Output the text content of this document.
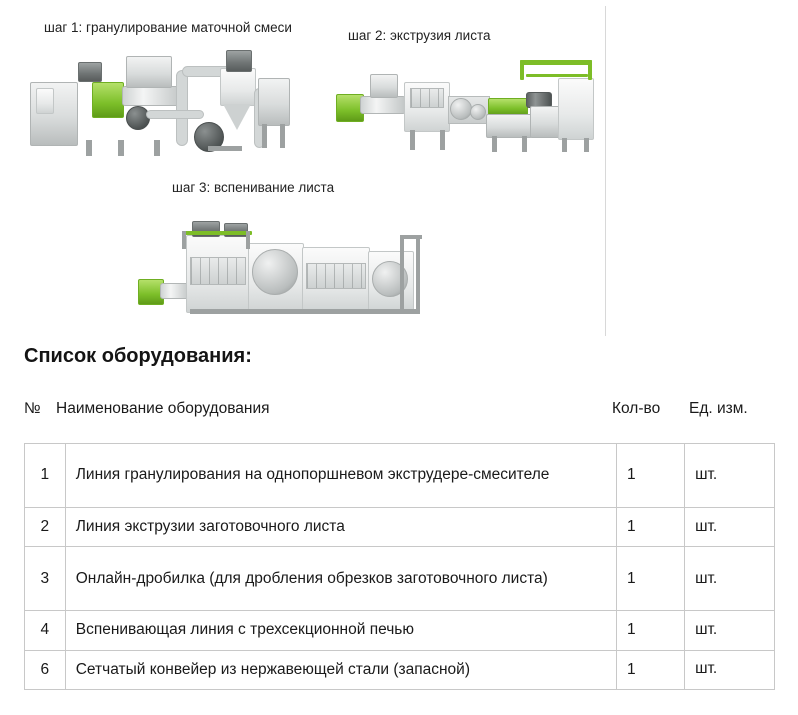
шаг 1: гранулирование маточной смеси
шаг 2: экструзия листа
шаг 3: вспенивание листа
Список оборудования:
№ Наименование оборудования	Кол-во Ед. изм.
1	Линия гранулирования на однопоршневом экструдере-смесителе	1	шт.
2	Линия экструзии заготовочного листа	1	шт.
3	Онлайн-дробилка (для дробления обрезков заготовочного листа)	1	шт.
4	Вспенивающая линия с трехсекционной печью	1	шт.
6	Сетчатый конвейер из нержавеющей стали (запасной)	1	шт.
